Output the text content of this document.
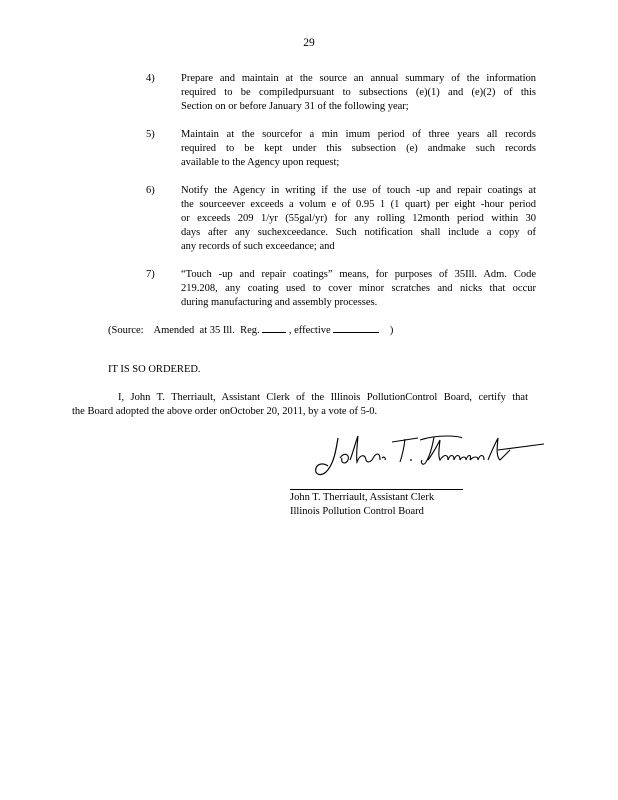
29
4)	Prepare and maintain at the source an annual summary of the information
required to be compiledpursuant to subsections (e)(1) and (e)(2) of this
Section on or before January 31 of the following year;
5)	Maintain at the sourcefor a min imum period of three years all records
required to be kept under this subsection (e) andmake such records
available to the Agency upon request;
6)	Notify the Agency in writing if the use of touch -up and repair coatings at
the sourceever exceeds a volum e of 0.95 1 (1 quart) per eight -hour period
or exceeds 209 1/yr (55gal/yr) for any rolling 12month period within 30
days after any suchexceedance. Such notification shall include a copy of
any records of such exceedance; and
7)	“Touch -up and repair coatings” means, for purposes of 35Ill. Adm. Code
219.208, any coating used to cover minor scratches and nicks that occur
during manufacturing and assembly processes.
(Source:    Amended  at 35 Ill.  Reg.	, effective	)
IT IS SO ORDERED.
I, John T. Therriault, Assistant Clerk of the Illinois PollutionControl Board, certify that
the Board adopted the above order onOctober 20, 2011, by a vote of 5-0.
John T. Therriault, Assistant Clerk
Illinois Pollution Control Board
